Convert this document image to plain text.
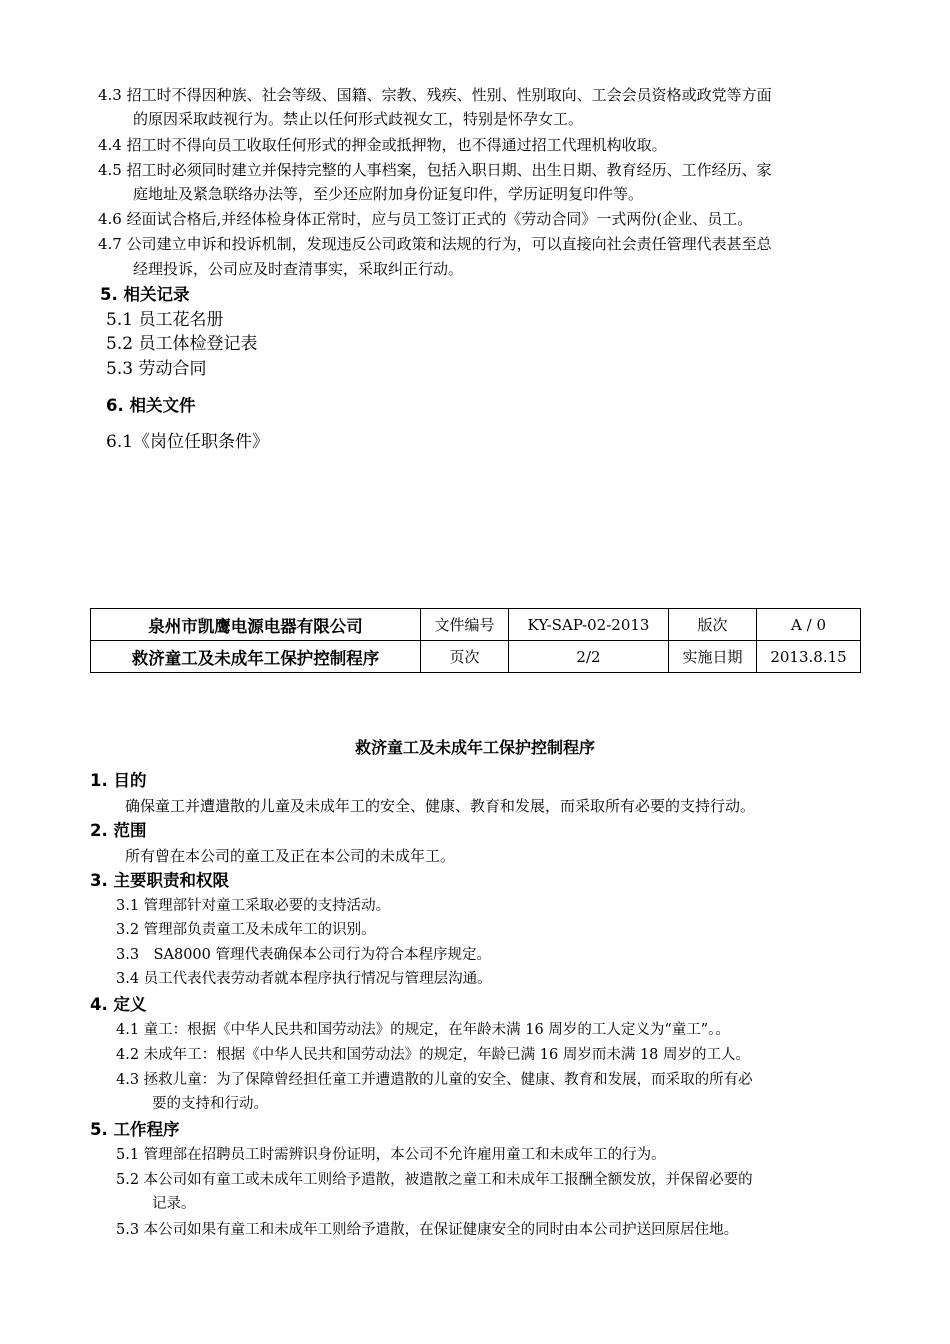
4.3 招工时不得因种族、社会等级、国籍、宗教、残疾、性别、性别取向、工会会员资格或政党等方面
的原因采取歧视行为。禁止以任何形式歧视女工，特别是怀孕女工。
4.4 招工时不得向员工收取任何形式的押金或抵押物，也不得通过招工代理机构收取。
4.5 招工时必须同时建立并保持完整的人事档案，包括入职日期、出生日期、教育经历、工作经历、家
庭地址及紧急联络办法等，至少还应附加身份证复印件，学历证明复印件等。
4.6 经面试合格后,并经体检身体正常时，应与员工签订正式的《劳动合同》一式两份(企业、员工。
4.7 公司建立申诉和投诉机制，发现违反公司政策和法规的行为，可以直接向社会责任管理代表甚至总
经理投诉，公司应及时查清事实，采取纠正行动。
5. 相关记录
5.1 员工花名册
5.2 员工体检登记表
5.3 劳动合同
6. 相关文件
6.1《岗位任职条件》
泉州市凯鹰电源电器有限公司	文件编号	KY-SAP-02-2013	版次	A / 0
救济童工及未成年工保护控制程序	页次	2/2	实施日期	2013.8.15
救济童工及未成年工保护控制程序
1. 目的
确保童工并遭遣散的儿童及未成年工的安全、健康、教育和发展，而采取所有必要的支持行动。
2. 范围
所有曾在本公司的童工及正在本公司的未成年工。
3. 主要职责和权限
3.1 管理部针对童工采取必要的支持活动。
3.2 管理部负责童工及未成年工的识别。
3.3　SA8000 管理代表确保本公司行为符合本程序规定。
3.4 员工代表代表劳动者就本程序执行情况与管理层沟通。
4. 定义
4.1 童工：根据《中华人民共和国劳动法》的规定，在年龄未满 16 周岁的工人定义为“童工”。。
4.2 未成年工：根据《中华人民共和国劳动法》的规定，年龄已满 16 周岁而未满 18 周岁的工人。
4.3 拯救儿童：为了保障曾经担任童工并遭遣散的儿童的安全、健康、教育和发展，而采取的所有必
要的支持和行动。
5. 工作程序
5.1 管理部在招聘员工时需辨识身份证明，本公司不允许雇用童工和未成年工的行为。
5.2 本公司如有童工或未成年工则给予遣散，被遣散之童工和未成年工报酬全额发放，并保留必要的
记录。
5.3 本公司如果有童工和未成年工则给予遣散，在保证健康安全的同时由本公司护送回原居住地。
